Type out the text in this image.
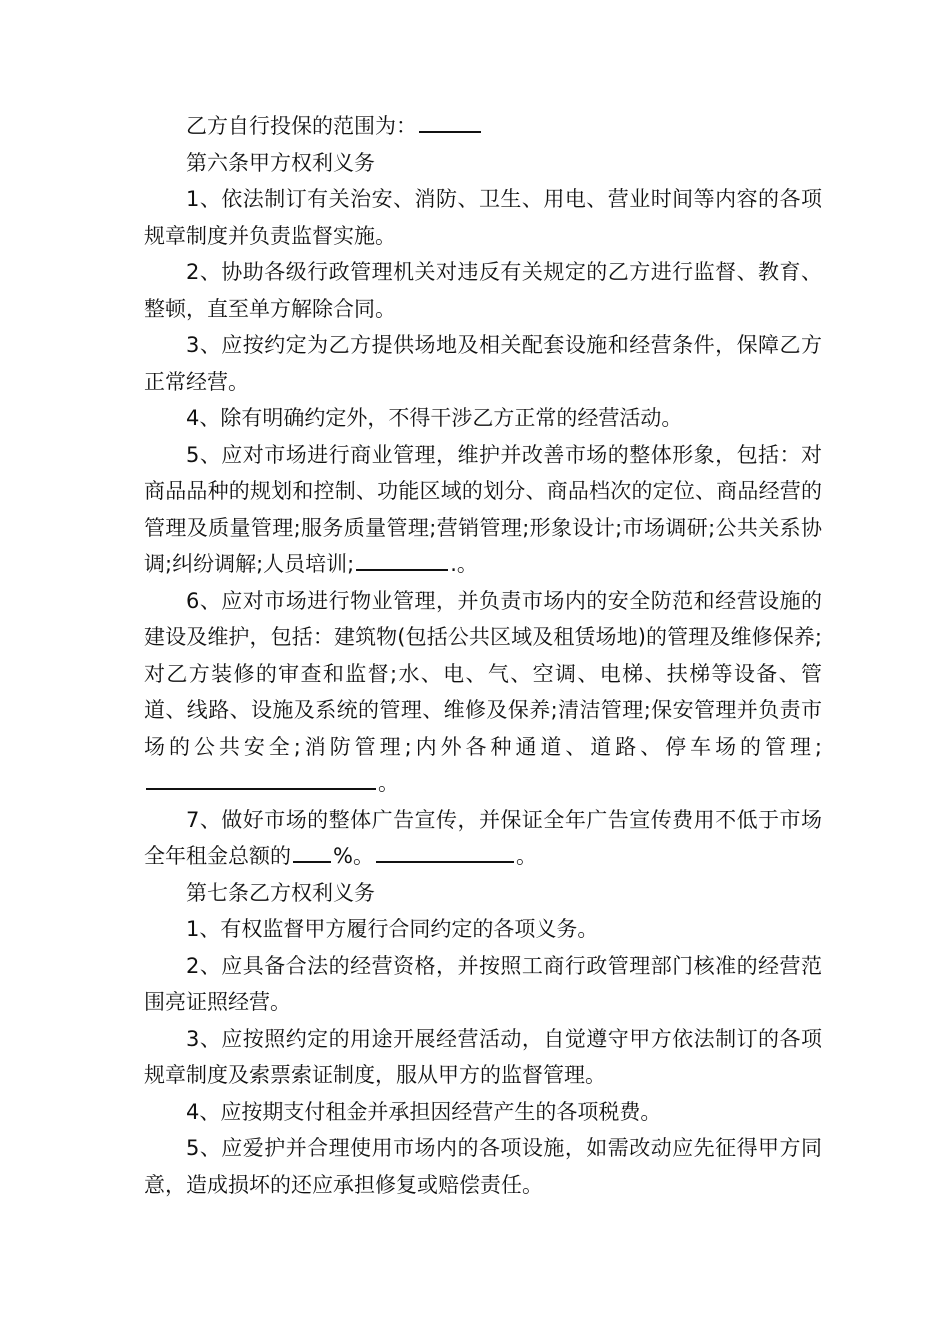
乙方自行投保的范围为：

第六条甲方权利义务

1、依法制订有关治安、消防、卫生、用电、营业时间等内容的各项规章制度并负责监督实施。

2、协助各级行政管理机关对违反有关规定的乙方进行监督、教育、整顿，直至单方解除合同。

3、应按约定为乙方提供场地及相关配套设施和经营条件，保障乙方正常经营。

4、除有明确约定外，不得干涉乙方正常的经营活动。

5、应对市场进行商业管理，维护并改善市场的整体形象，包括：对商品品种的规划和控制、功能区域的划分、商品档次的定位、商品经营的管理及质量管理;服务质量管理;营销管理;形象设计;市场调研;公共关系协调;纠纷调解;人员培训;	.。

6、应对市场进行物业管理，并负责市场内的安全防范和经营设施的建设及维护，包括：建筑物(包括公共区域及租赁场地)的管理及维修保养;对乙方装修的审查和监督;水、电、气、空调、电梯、扶梯等设备、管道、线路、设施及系统的管理、维修及保养;清洁管理;保安管理并负责市场的公共安全;消防管理;内外各种通道、道路、停车场的管理;。

7、做好市场的整体广告宣传，并保证全年广告宣传费用不低于市场全年租金总额的 %。	。

第七条乙方权利义务

1、有权监督甲方履行合同约定的各项义务。

2、应具备合法的经营资格，并按照工商行政管理部门核准的经营范围亮证照经营。

3、应按照约定的用途开展经营活动，自觉遵守甲方依法制订的各项规章制度及索票索证制度，服从甲方的监督管理。

4、应按期支付租金并承担因经营产生的各项税费。

5、应爱护并合理使用市场内的各项设施，如需改动应先征得甲方同意，造成损坏的还应承担修复或赔偿责任。
